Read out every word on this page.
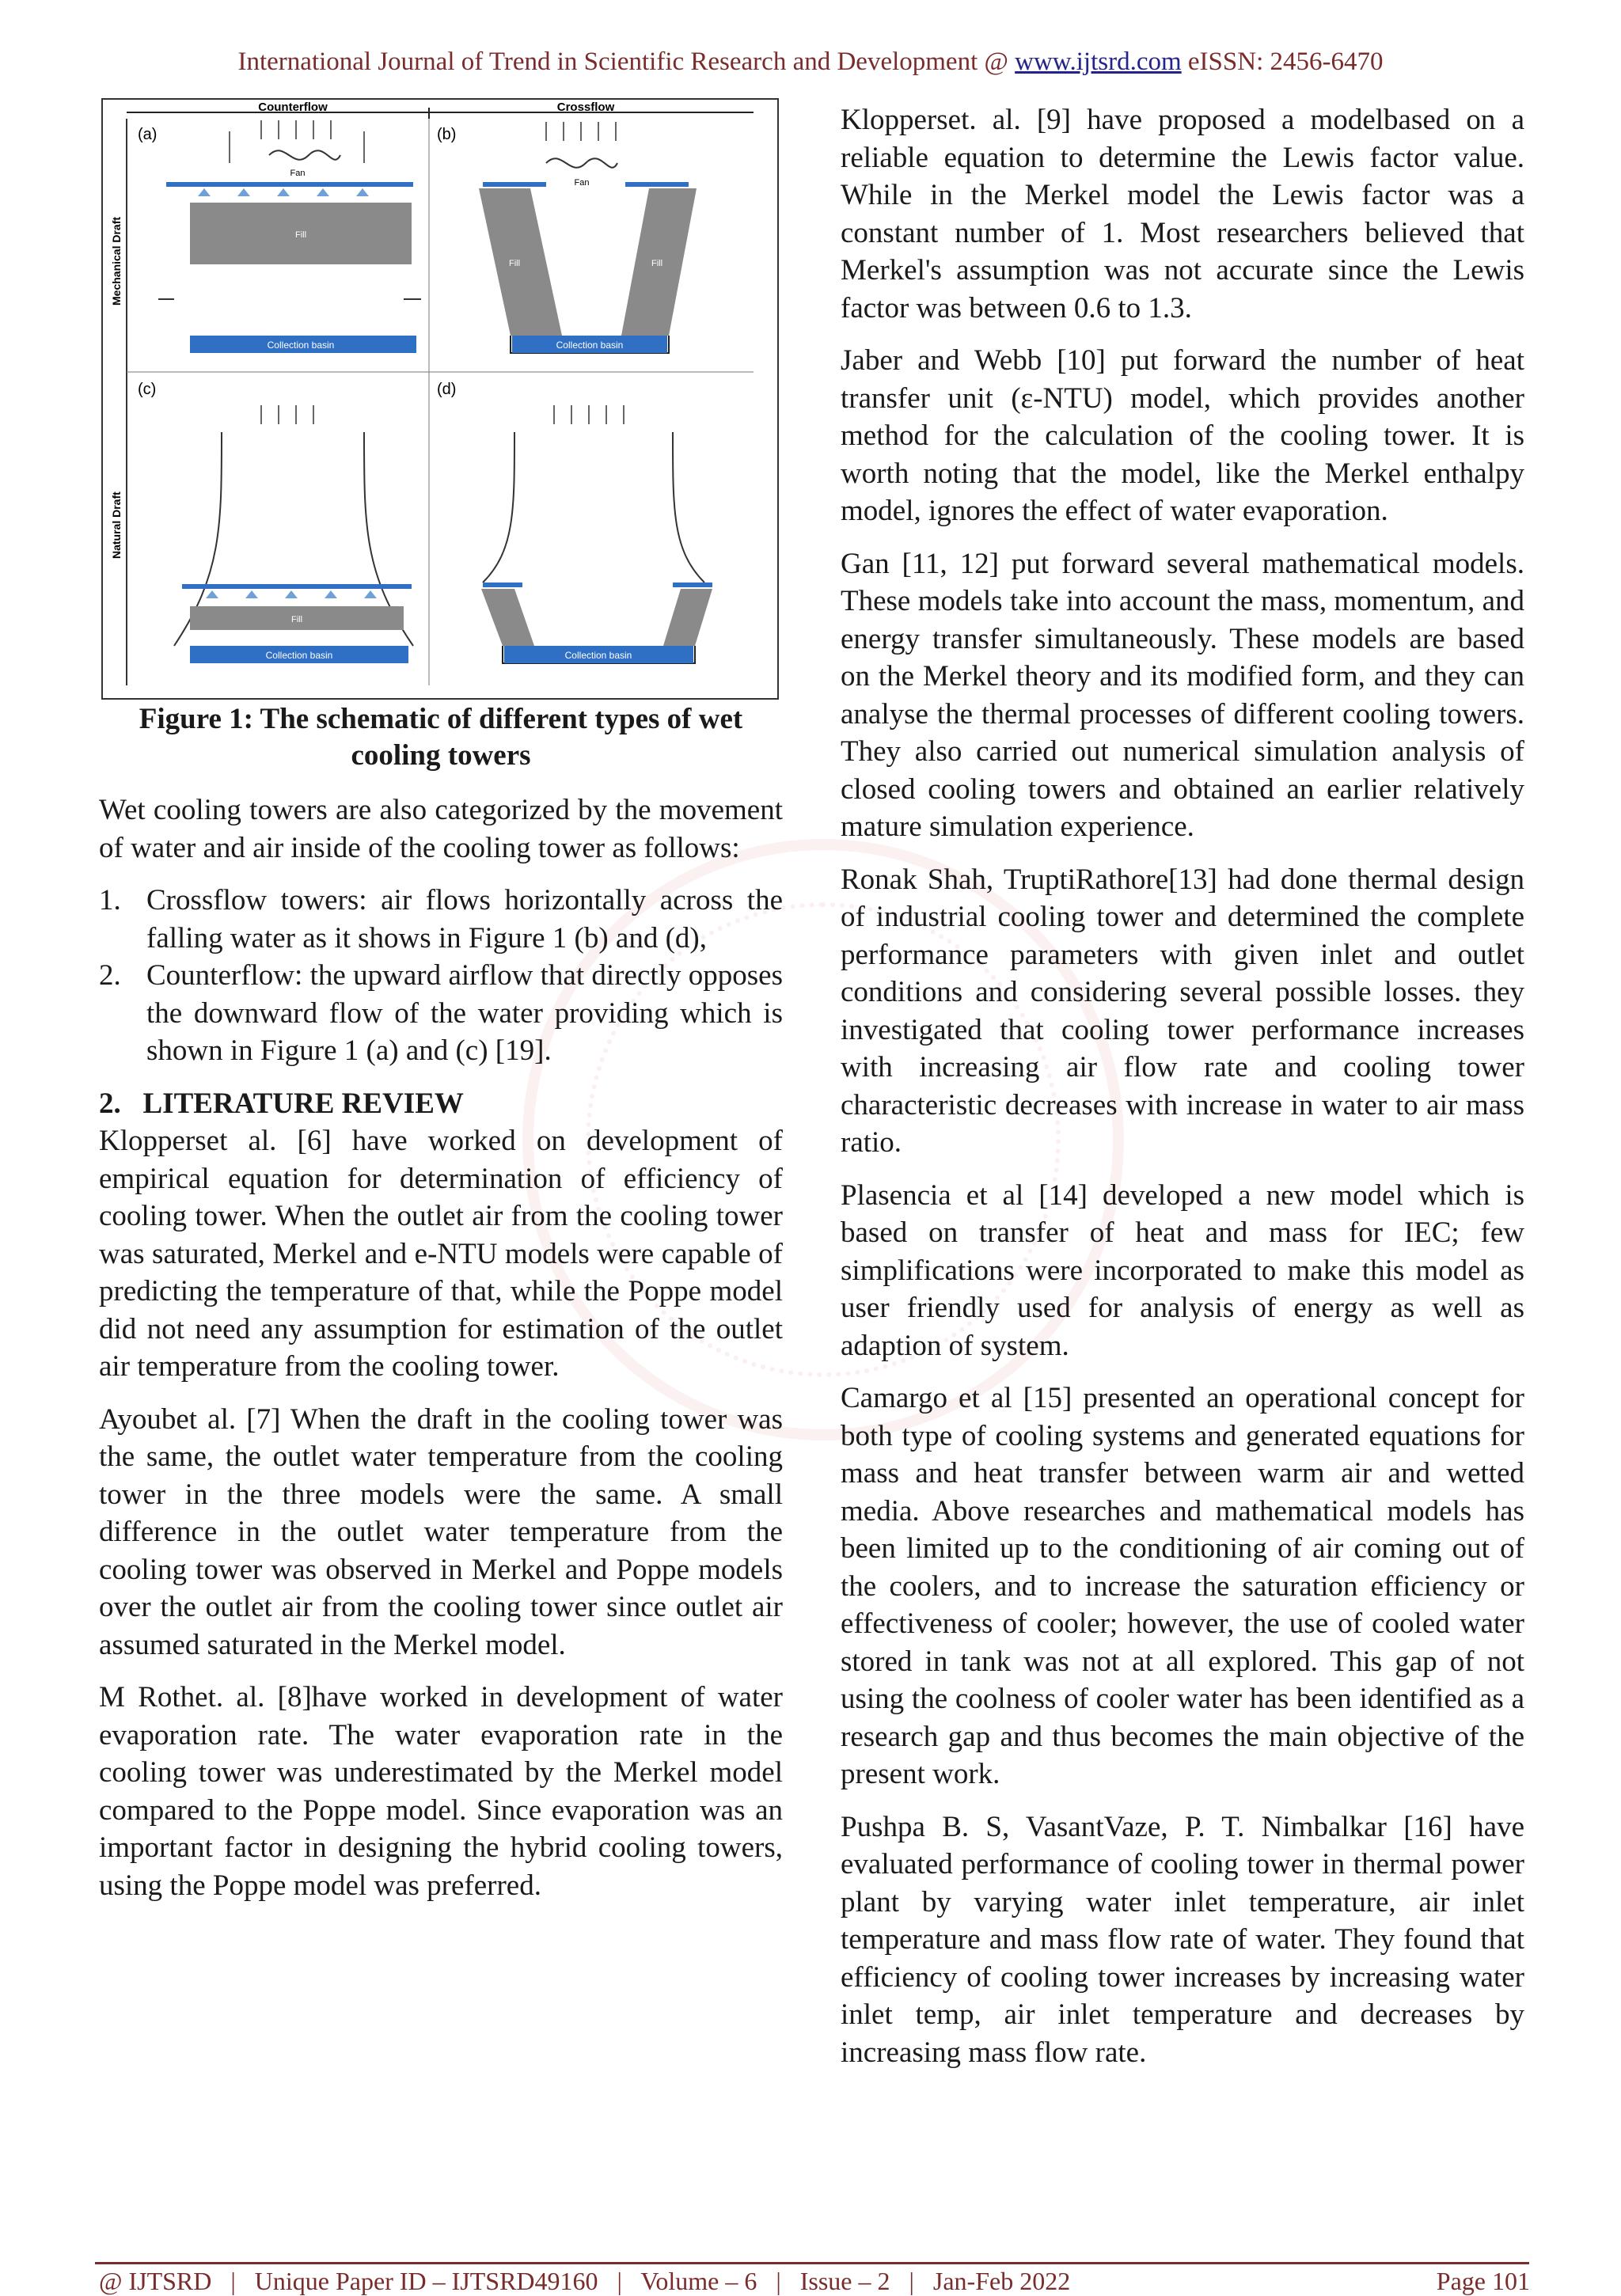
International Journal of Trend in Scientific Research and Development @ www.ijtsrd.com eISSN: 2456-6470
Counterflow	Crossflow
Mechanical Draft
Natural Draft
(a)	(b)
(c)	(d)
Fan
Fill
Collection basin
Fan
Fill	Fill
Collection basin
Fill
Collection basin	Collection basin
Figure 1: The schematic of different types of wet cooling towers

Wet cooling towers are also categorized by the movement of water and air inside of the cooling tower as follows:

1. Crossflow towers: air flows horizontally across the falling water as it shows in Figure 1 (b) and (d),
2. Counterflow: the upward airflow that directly opposes the downward flow of the water providing which is shown in Figure 1 (a) and (c) [19].
2.   LITERATURE REVIEW

Klopperset al. [6] have worked on development of empirical equation for determination of efficiency of cooling tower. When the outlet air from the cooling tower was saturated, Merkel and e-NTU models were capable of predicting the temperature of that, while the Poppe model did not need any assumption for estimation of the outlet air temperature from the cooling tower.

Ayoubet al. [7] When the draft in the cooling tower was the same, the outlet water temperature from the cooling tower in the three models were the same. A small difference in the outlet water temperature from the cooling tower was observed in Merkel and Poppe models over the outlet air from the cooling tower since outlet air assumed saturated in the Merkel model.

M Rothet. al. [8]have worked in development of water evaporation rate. The water evaporation rate in the cooling tower was underestimated by the Merkel model compared to the Poppe model. Since evaporation was an important factor in designing the hybrid cooling towers, using the Poppe model was preferred.

Klopperset. al. [9] have proposed a modelbased on a reliable equation to determine the Lewis factor value. While in the Merkel model the Lewis factor was a constant number of 1. Most researchers believed that Merkel's assumption was not accurate since the Lewis factor was between 0.6 to 1.3.

Jaber and Webb [10] put forward the number of heat transfer unit (ε-NTU) model, which provides another method for the calculation of the cooling tower. It is worth noting that the model, like the Merkel enthalpy model, ignores the effect of water evaporation.

Gan [11, 12] put forward several mathematical models. These models take into account the mass, momentum, and energy transfer simultaneously. These models are based on the Merkel theory and its modified form, and they can analyse the thermal processes of different cooling towers. They also carried out numerical simulation analysis of closed cooling towers and obtained an earlier relatively mature simulation experience.

Ronak Shah, TruptiRathore[13] had done thermal design of industrial cooling tower and determined the complete performance parameters with given inlet and outlet conditions and considering several possible losses. they investigated that cooling tower performance increases with increasing air flow rate and cooling tower characteristic decreases with increase in water to air mass ratio.

Plasencia et al [14] developed a new model which is based on transfer of heat and mass for IEC; few simplifications were incorporated to make this model as user friendly used for analysis of energy as well as adaption of system.

Camargo et al [15] presented an operational concept for both type of cooling systems and generated equations for mass and heat transfer between warm air and wetted media. Above researches and mathematical models has been limited up to the conditioning of air coming out of the coolers, and to increase the saturation efficiency or effectiveness of cooler; however, the use of cooled water stored in tank was not at all explored. This gap of not using the coolness of cooler water has been identified as a research gap and thus becomes the main objective of the present work.

Pushpa B. S, VasantVaze, P. T. Nimbalkar [16] have evaluated performance of cooling tower in thermal power plant by varying water inlet temperature, air inlet temperature and mass flow rate of water. They found that efficiency of cooling tower increases by increasing water inlet temp, air inlet temperature and decreases by increasing mass flow rate.

@ IJTSRD   |   Unique Paper ID – IJTSRD49160   |   Volume – 6   |   Issue – 2   |   Jan-Feb 2022	Page 101
